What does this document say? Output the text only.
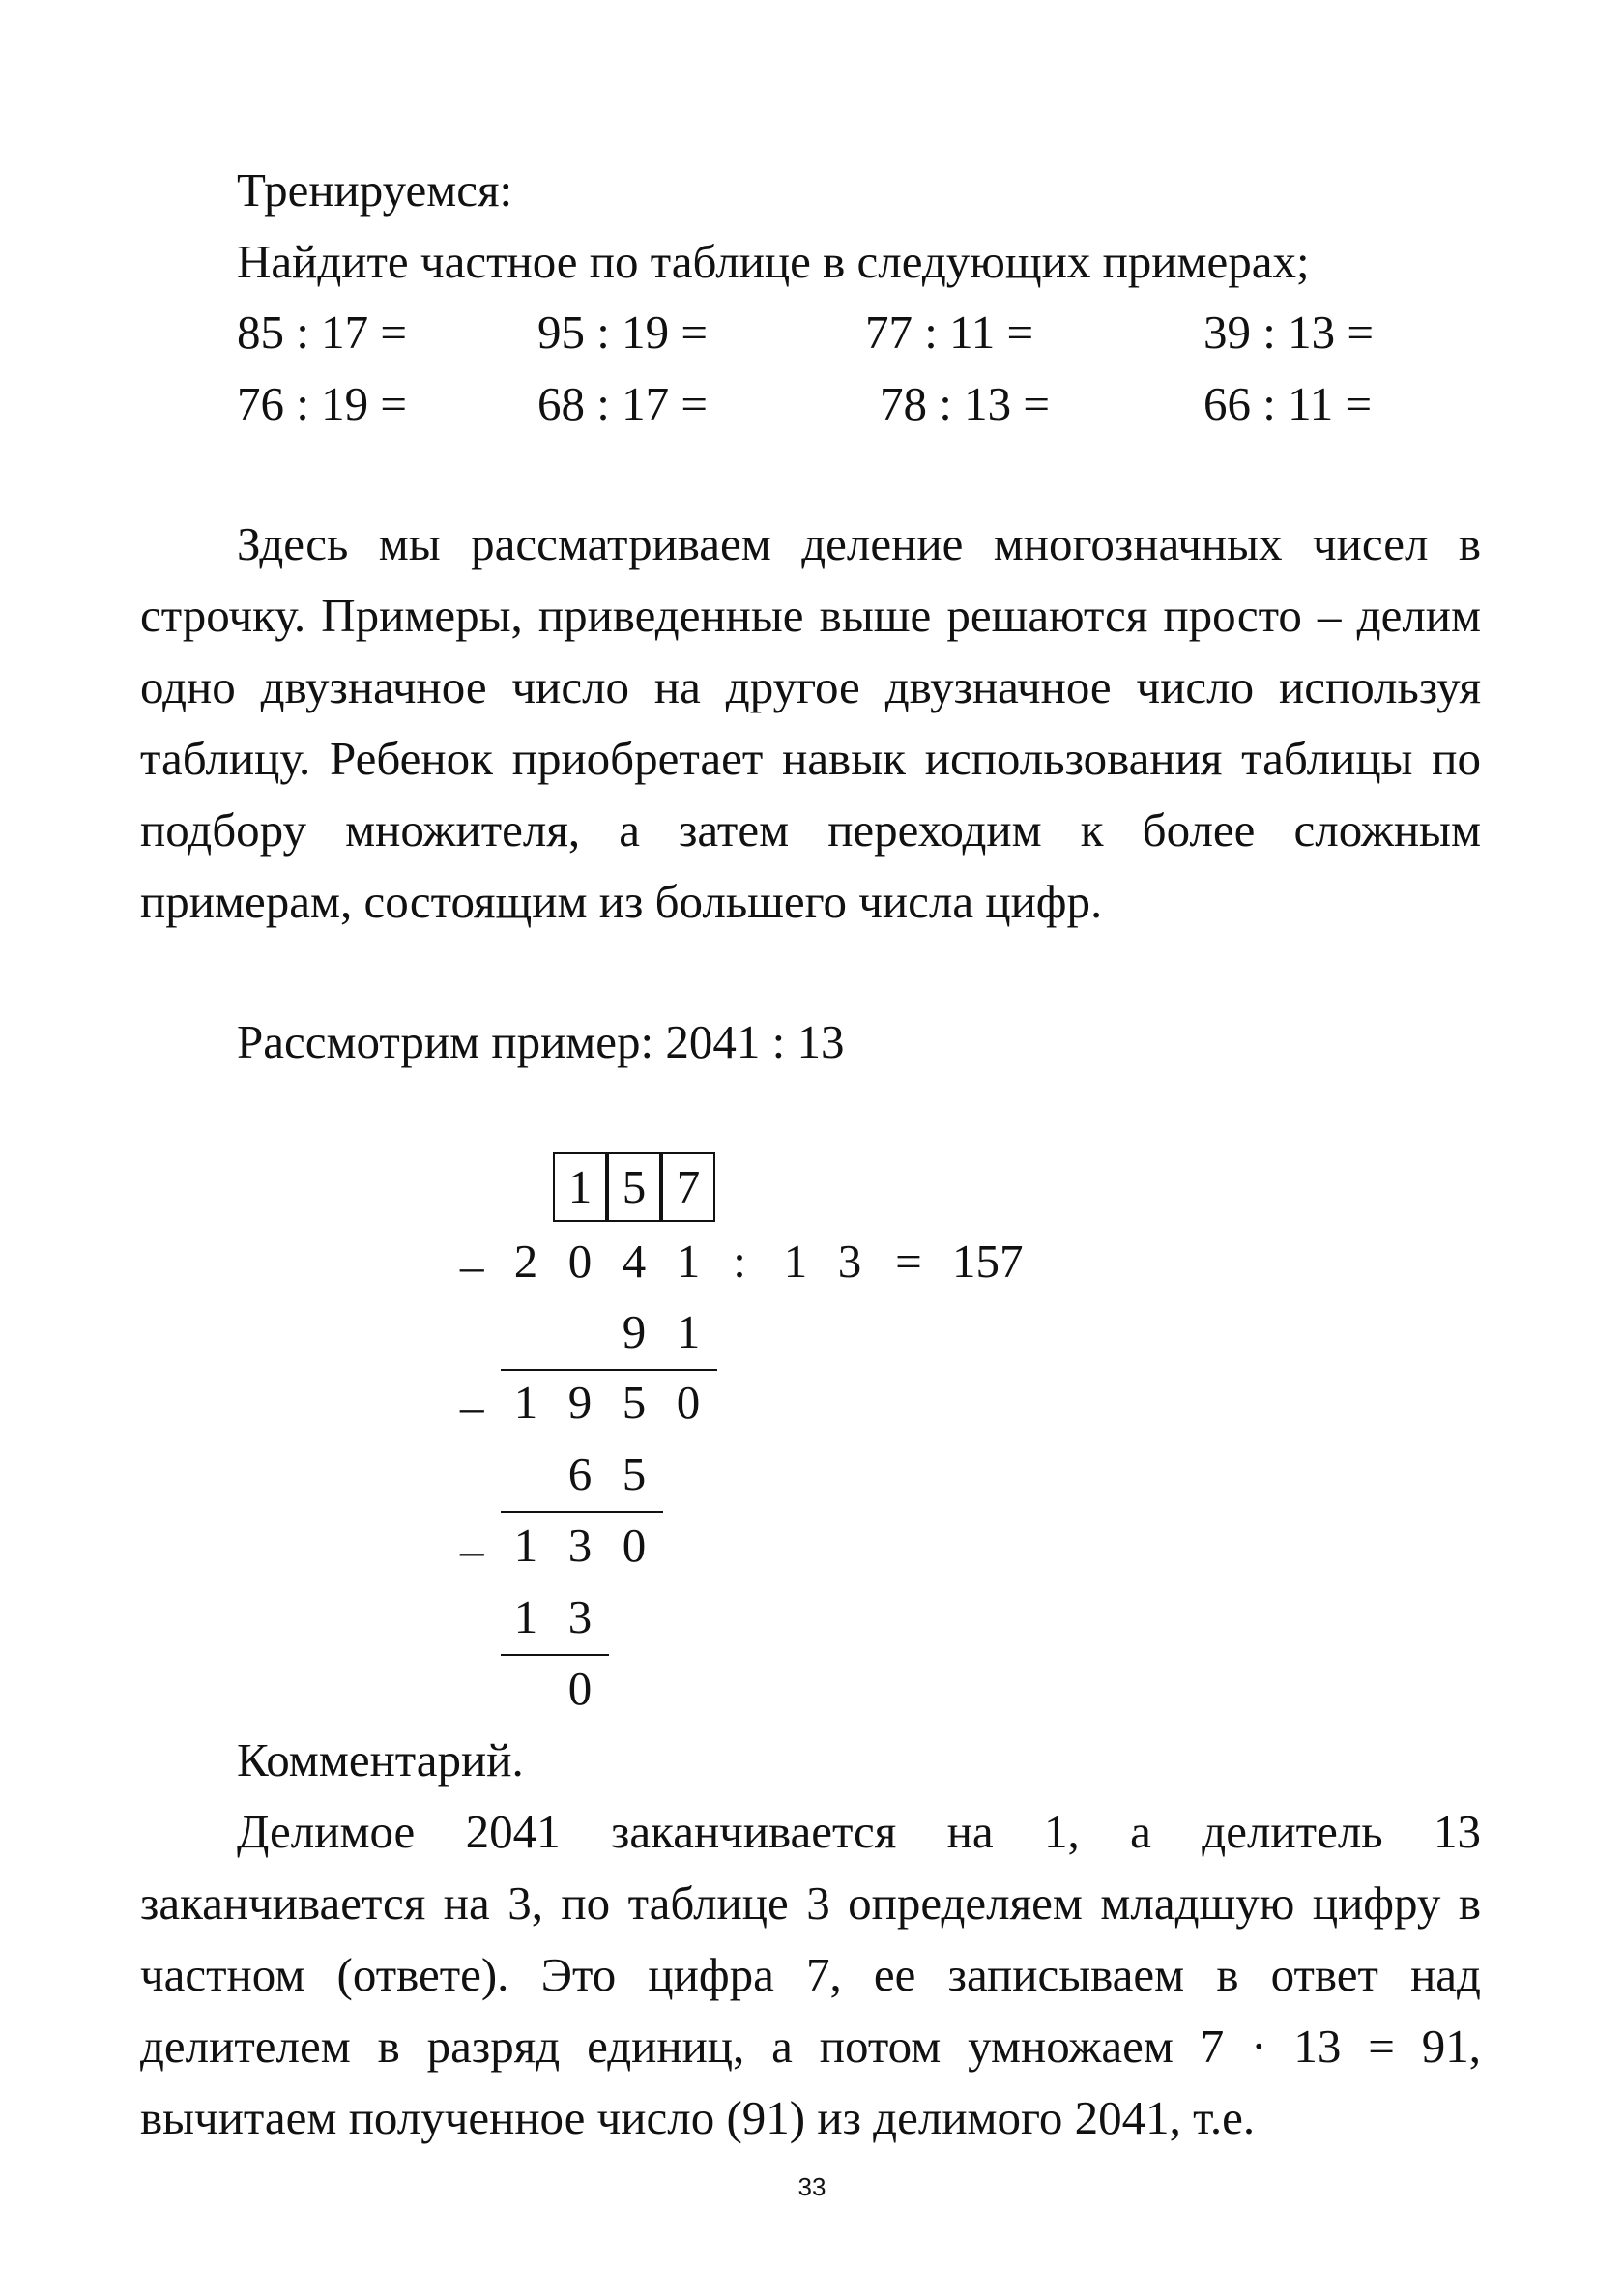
Тренируемся:
Найдите частное по таблице в следующих примерах;
85 : 17 =	95 : 19 =	77 : 11 =	39 : 13 =
76 : 19 =	68 : 17 =	78 : 13 =	66 : 11 =
Здесь мы рассматриваем деление многозначных чисел в строчку. Примеры, приведенные выше решаются просто – делим одно двузначное число на другое двузначное число используя таблицу. Ребенок приобретает навык использования таблицы по подбору множителя, а затем переходим к более сложным примерам, состоящим из большего числа цифр.
Рассмотрим пример: 2041 : 13
1 5 7
_ 2 0 4 1 : 1 3 = 157
9 1
_ 1 9 5 0
6 5
_ 1 3 0
1 3
0
Комментарий.
Делимое 2041 заканчивается на 1, а делитель 13 заканчивается на 3, по таблице 3 определяем младшую цифру в частном (ответе). Это цифра 7, ее записываем в ответ над делителем в разряд единиц, а потом умножаем 7 · 13 = 91, вычитаем полученное число (91) из делимого 2041, т.е.
33
